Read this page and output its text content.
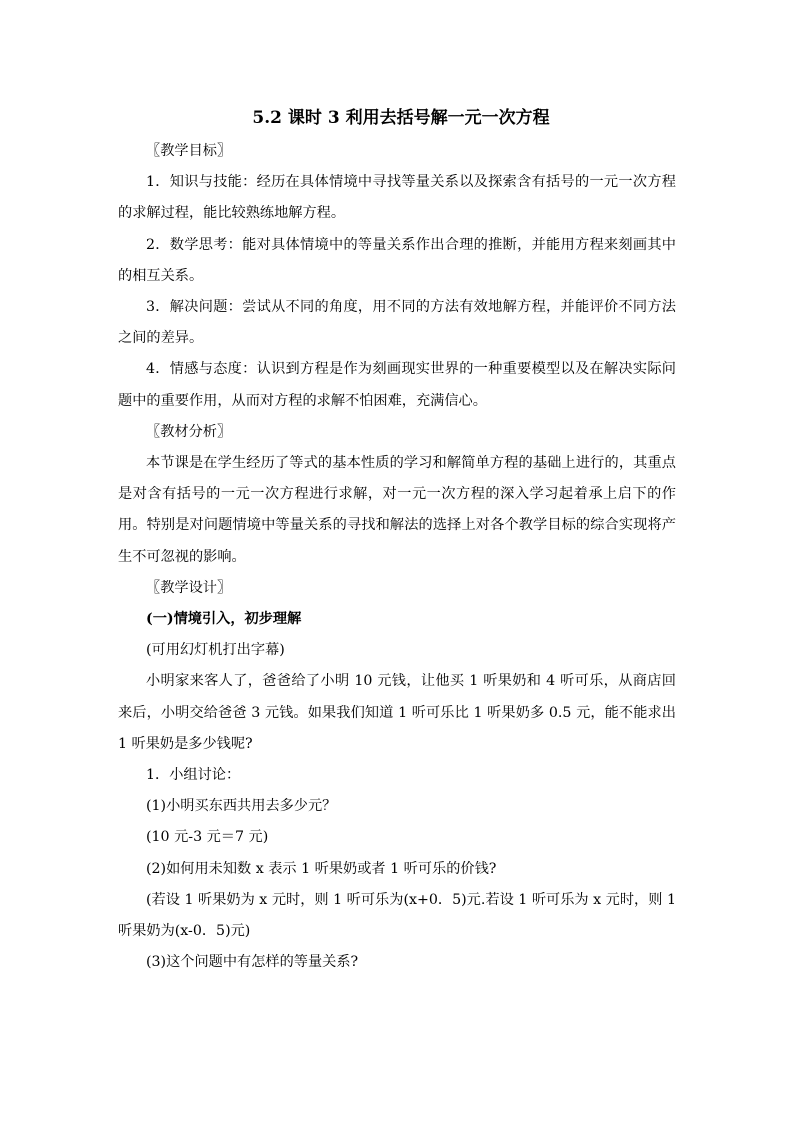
5.2 课时 3 利用去括号解一元一次方程

〖教学目标〗

1．知识与技能：经历在具体情境中寻找等量关系以及探索含有括号的一元一次方程的求解过程，能比较熟练地解方程。

2．数学思考：能对具体情境中的等量关系作出合理的推断，并能用方程来刻画其中的相互关系。

3．解决问题：尝试从不同的角度，用不同的方法有效地解方程，并能评价不同方法之间的差异。

4．情感与态度：认识到方程是作为刻画现实世界的一种重要模型以及在解决实际问题中的重要作用，从而对方程的求解不怕困难，充满信心。

〖教材分析〗

本节课是在学生经历了等式的基本性质的学习和解简单方程的基础上进行的，其重点是对含有括号的一元一次方程进行求解，对一元一次方程的深入学习起着承上启下的作用。特别是对问题情境中等量关系的寻找和解法的选择上对各个教学目标的综合实现将产生不可忽视的影响。

〖教学设计〗

(一)情境引入，初步理解

(可用幻灯机打出字幕)

小明家来客人了，爸爸给了小明 10 元钱，让他买 1 听果奶和 4 听可乐，从商店回来后，小明交给爸爸 3 元钱。如果我们知道 1 听可乐比 1 听果奶多 0.5 元，能不能求出 1 听果奶是多少钱呢?

1．小组讨论：

(1)小明买东西共用去多少元？

(10 元-3 元＝7 元)

(2)如何用未知数 x 表示 1 听果奶或者 1 听可乐的价钱?

(若设 1 听果奶为 x 元时，则 1 听可乐为(x+0．5)元.若设 1 听可乐为 x 元时，则 1 听果奶为(x-0．5)元)

(3)这个问题中有怎样的等量关系?
